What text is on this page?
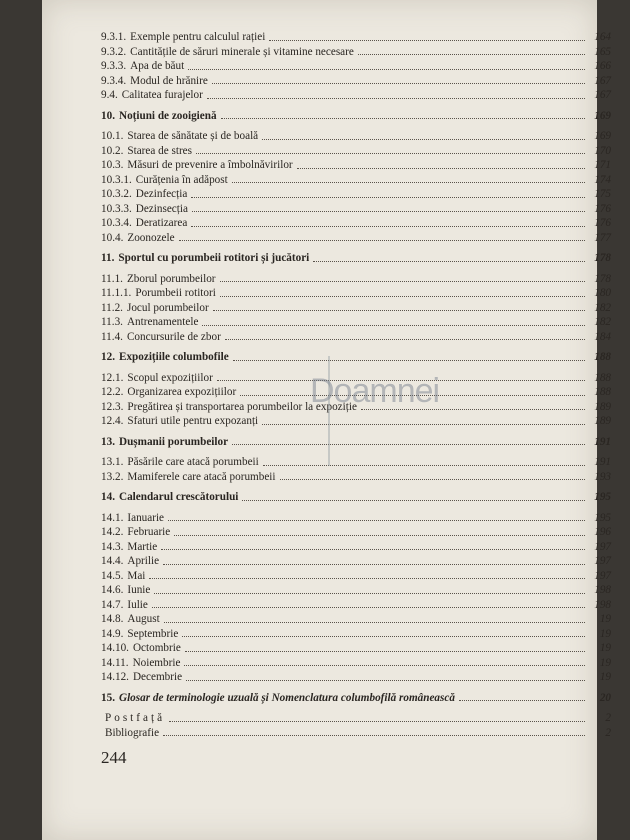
9.3.1. Exemple pentru calculul rației	164
9.3.2. Cantitățile de săruri minerale și vitamine necesare	165
9.3.3. Apa de băut	166
9.3.4. Modul de hrănire	167
9.4. Calitatea furajelor	167
10. Noțiuni de zooigienă	169
10.1. Starea de sănătate și de boală	169
10.2. Starea de stres	170
10.3. Măsuri de prevenire a îmbolnăvirilor	171
10.3.1. Curățenia în adăpost	174
10.3.2. Dezinfecția	175
10.3.3. Dezinsecția	176
10.3.4. Deratizarea	176
10.4. Zoonozele	177
11. Sportul cu porumbeii rotitori și jucători	178
11.1. Zborul porumbeilor	178
11.1.1. Porumbeii rotitori	180
11.2. Jocul porumbeilor	182
11.3. Antrenamentele	182
11.4. Concursurile de zbor	184
12. Expozițiile columbofile	188
12.1. Scopul expozițiilor	188
12.2. Organizarea expozițiilor	188
12.3. Pregătirea și transportarea porumbeilor la expoziție	189
12.4. Sfaturi utile pentru expozanți	189
13. Dușmanii porumbeilor	191
13.1. Păsările care atacă porumbeii	191
13.2. Mamiferele care atacă porumbeii	193
14. Calendarul crescătorului	195
14.1. Ianuarie	195
14.2. Februarie	196
14.3. Martie	197
14.4. Aprilie	197
14.5. Mai	197
14.6. Iunie	198
14.7. Iulie	198
14.8. August	19
14.9. Septembrie	19
14.10. Octombrie	19
14.11. Noiembrie	19
14.12. Decembrie	19
15. Glosar de terminologie uzuală și Nomenclatura columbofilă românească	20
Postfață	2
Bibliografie	2
Doamnei
244
